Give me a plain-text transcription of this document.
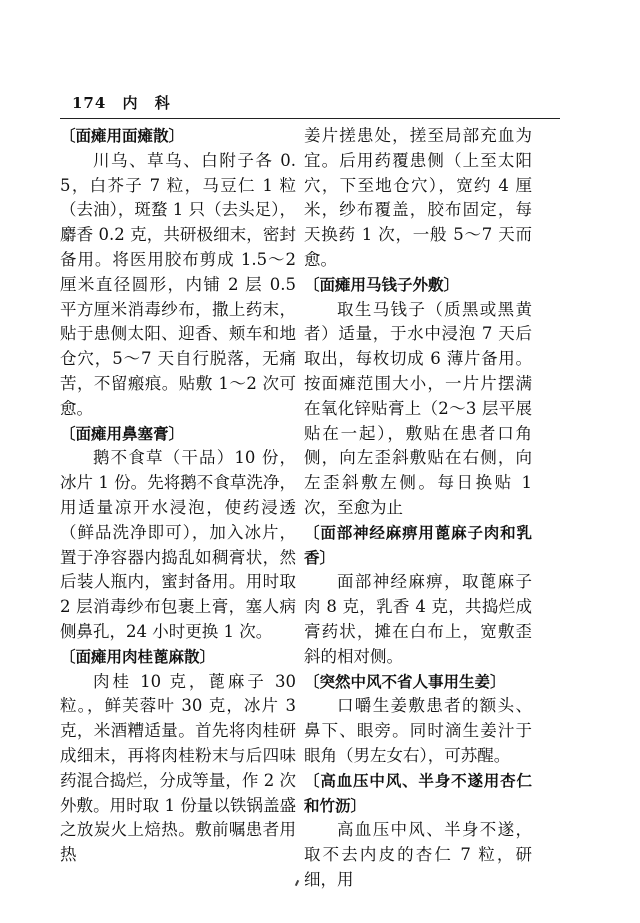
174 内 科
〔面瘫用面瘫散〕

川乌、草乌、白附子各 0.5，白芥子 7 粒，马豆仁 1 粒（去油），斑蝥 1 只（去头足），麝香 0.2 克，共研极细末，密封备用。将医用胶布剪成 1.5～2 厘米直径圆形，内铺 2 层 0.5 平方厘米消毒纱布，撒上药末，贴于患侧太阳、迎香、颊车和地仓穴，5～7 天自行脱落，无痛苦，不留瘢痕。贴敷 1～2 次可愈。

〔面瘫用鼻塞膏〕

鹅不食草（干品）10 份，冰片 1 份。先将鹅不食草洗净，用适量凉开水浸泡，使药浸透（鲜品洗净即可），加入冰片，置于净容器内捣乱如稠膏状，然后装人瓶内，蜜封备用。用时取 2 层消毒纱布包裹上膏，塞人病侧鼻孔，24 小时更换 1 次。

〔面瘫用肉桂蓖麻散〕

肉桂 10 克，蓖麻子 30 粒。，鲜芙蓉叶 30 克，冰片 3 克，米酒糟适量。首先将肉桂研成细末，再将肉桂粉末与后四味药混合捣烂，分成等量，作 2 次外敷。用时取 1 份量以铁锅盖盛之放炭火上焙热。敷前嘱患者用热

姜片搓患处，搓至局部充血为宜。后用药覆患侧（上至太阳穴，下至地仓穴），宽约 4 厘米，纱布覆盖，胶布固定，每天换药 1 次，一般 5～7 天而愈。
〔面瘫用马钱子外敷〕

取生马钱子（质黑或黑黄者）适量，于水中浸泡 7 天后取出，每枚切成 6 薄片备用。按面瘫范围大小，一片片摆满在氧化锌贴膏上（2～3 层平展贴在一起），敷贴在患者口角侧，向左歪斜敷贴在右侧，向左歪斜敷左侧。每日换贴 1 次，至愈为止

〔面部神经麻痹用蓖麻子肉和乳香〕

面部神经麻痹，取蓖麻子肉 8 克，乳香 4 克，共捣烂成膏药状，摊在白布上，宽敷歪斜的相对侧。

〔突然中风不省人事用生姜〕

口嚼生姜敷患者的额头、鼻下、眼旁。同时滴生姜汁于眼角（男左女右），可苏醒。

〔高血压中风、半身不遂用杏仁和竹沥〕

高血压中风、半身不遂，取不去内皮的杏仁 7 粒，研细，用
